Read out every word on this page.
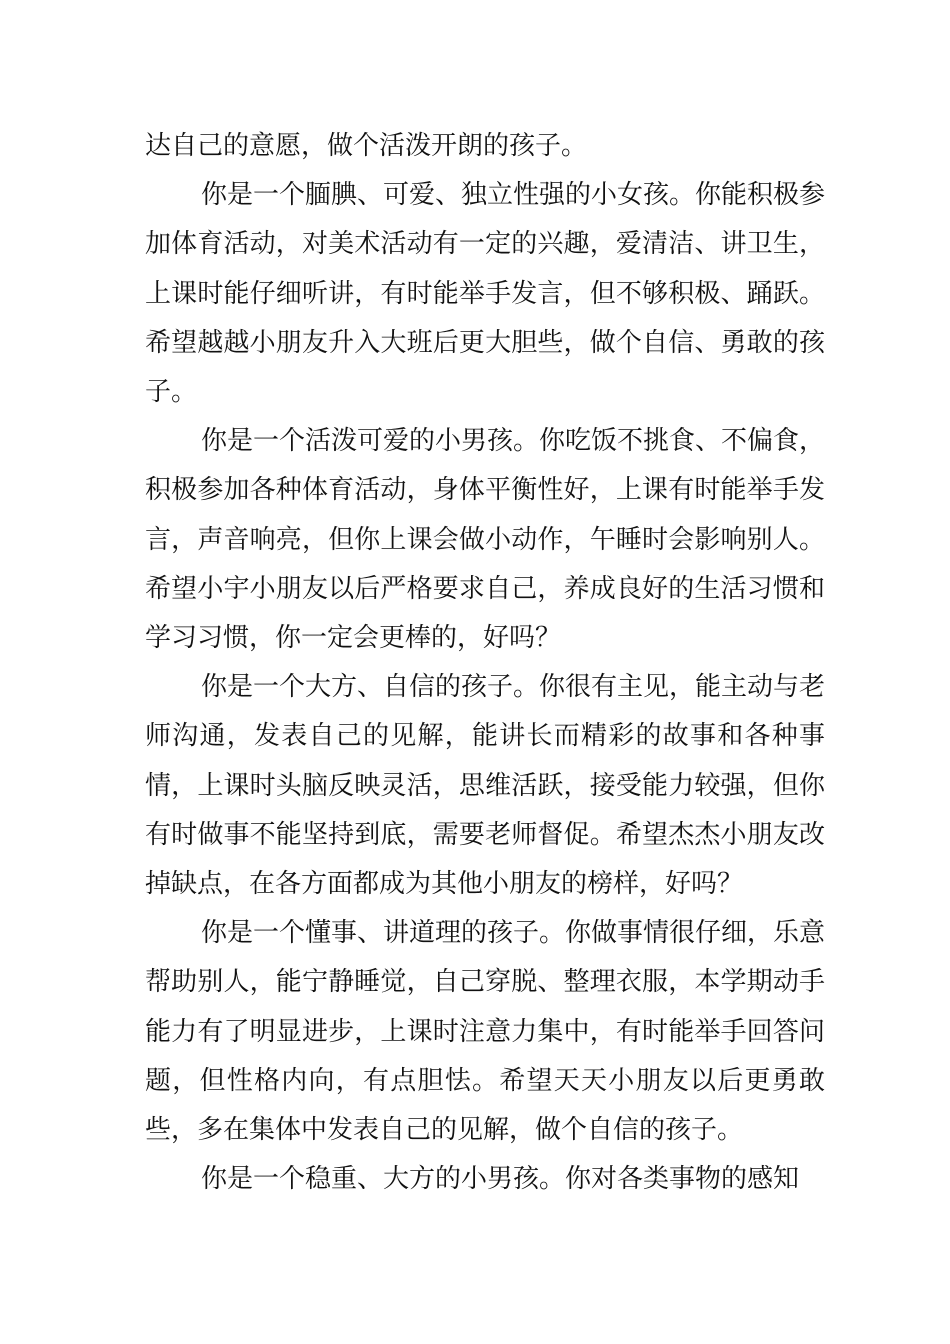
达自己的意愿，做个活泼开朗的孩子。

你是一个腼腆、可爱、独立性强的小女孩。你能积极参加体育活动，对美术活动有一定的兴趣，爱清洁、讲卫生，上课时能仔细听讲，有时能举手发言，但不够积极、踊跃。希望越越小朋友升入大班后更大胆些，做个自信、勇敢的孩子。

你是一个活泼可爱的小男孩。你吃饭不挑食、不偏食，积极参加各种体育活动，身体平衡性好，上课有时能举手发言，声音响亮，但你上课会做小动作，午睡时会影响别人。希望小宇小朋友以后严格要求自己，养成良好的生活习惯和学习习惯，你一定会更棒的，好吗？

你是一个大方、自信的孩子。你很有主见，能主动与老师沟通，发表自己的见解，能讲长而精彩的故事和各种事情，上课时头脑反映灵活，思维活跃，接受能力较强，但你有时做事不能坚持到底，需要老师督促。希望杰杰小朋友改掉缺点，在各方面都成为其他小朋友的榜样，好吗？

你是一个懂事、讲道理的孩子。你做事情很仔细，乐意帮助别人，能宁静睡觉，自己穿脱、整理衣服，本学期动手能力有了明显进步，上课时注意力集中，有时能举手回答问题，但性格内向，有点胆怯。希望天天小朋友以后更勇敢些，多在集体中发表自己的见解，做个自信的孩子。

你是一个稳重、大方的小男孩。你对各类事物的感知
